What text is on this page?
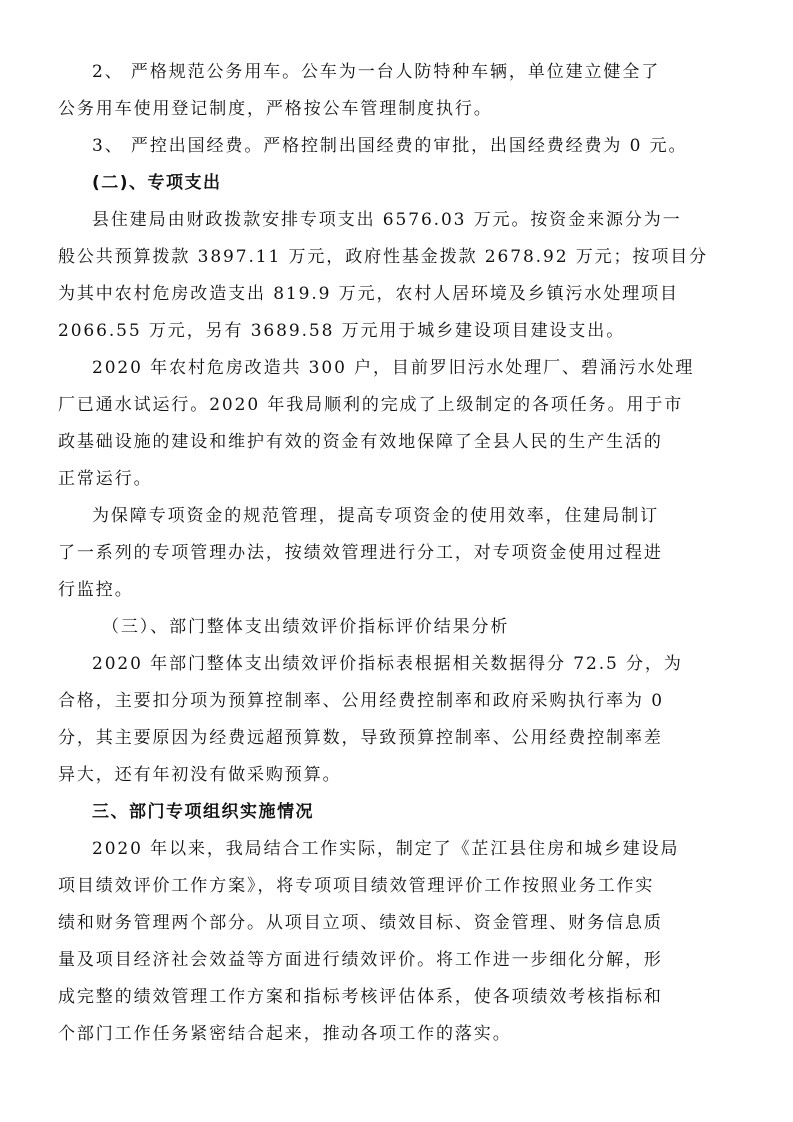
2、 严格规范公务用车。公车为一台人防特种车辆，单位建立健全了
公务用车使用登记制度，严格按公车管理制度执行。
3、 严控出国经费。严格控制出国经费的审批，出国经费经费为 0 元。
(二)、专项支出
县住建局由财政拨款安排专项支出 6576.03 万元。按资金来源分为一
般公共预算拨款 3897.11 万元，政府性基金拨款 2678.92 万元；按项目分
为其中农村危房改造支出 819.9 万元，农村人居环境及乡镇污水处理项目
2066.55 万元，另有 3689.58 万元用于城乡建设项目建设支出。
2020 年农村危房改造共 300 户，目前罗旧污水处理厂、碧涌污水处理
厂已通水试运行。2020 年我局顺利的完成了上级制定的各项任务。用于市
政基础设施的建设和维护有效的资金有效地保障了全县人民的生产生活的
正常运行。
为保障专项资金的规范管理，提高专项资金的使用效率，住建局制订
了一系列的专项管理办法，按绩效管理进行分工，对专项资金使用过程进
行监控。
（三）、部门整体支出绩效评价指标评价结果分析
2020 年部门整体支出绩效评价指标表根据相关数据得分 72.5 分，为
合格，主要扣分项为预算控制率、公用经费控制率和政府采购执行率为 0
分，其主要原因为经费远超预算数，导致预算控制率、公用经费控制率差
异大，还有年初没有做采购预算。
三、部门专项组织实施情况
2020 年以来，我局结合工作实际，制定了《芷江县住房和城乡建设局
项目绩效评价工作方案》，将专项项目绩效管理评价工作按照业务工作实
绩和财务管理两个部分。从项目立项、绩效目标、资金管理、财务信息质
量及项目经济社会效益等方面进行绩效评价。将工作进一步细化分解，形
成完整的绩效管理工作方案和指标考核评估体系，使各项绩效考核指标和
个部门工作任务紧密结合起来，推动各项工作的落实。
